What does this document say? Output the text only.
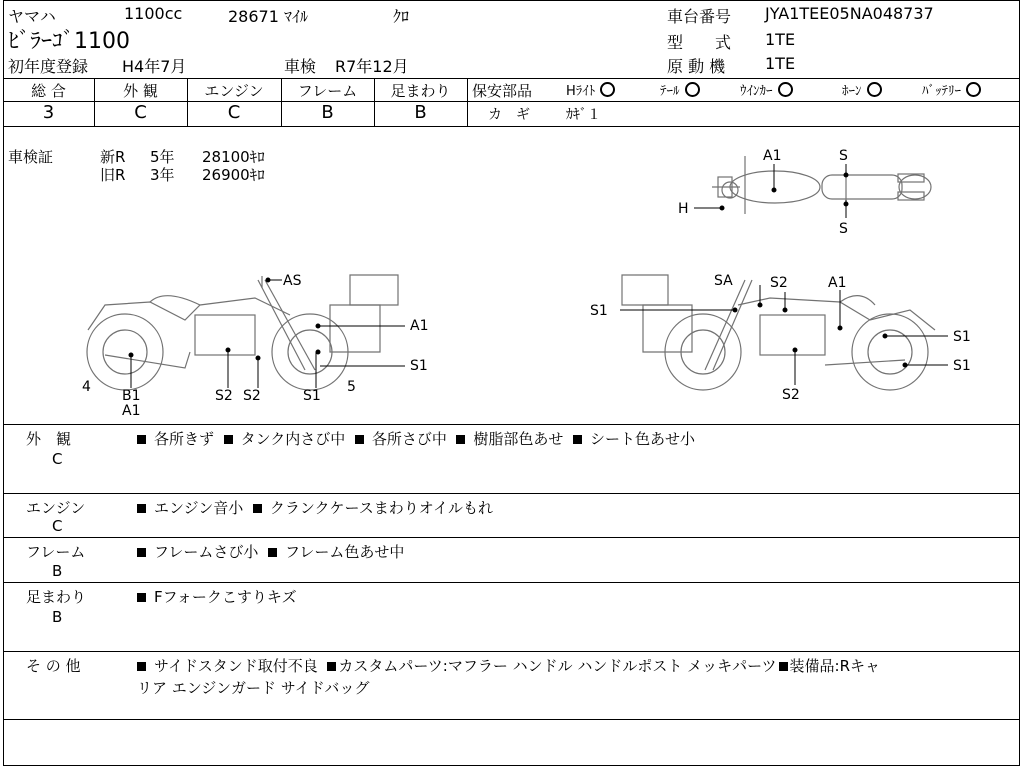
ヤマハ	1100cc	28671 ﾏｲﾙ	ｸﾛ
ﾋﾞﾗｰｺﾞ1100
初年度登録 H4年7月	車検 R7年12月
車台番号 JYA1TEE05NA048737
型　　式 1TE
原 動 機 1TE
総 合	外 観	エンジン	フレーム	足まわり
3	C	C	B	B
保安部品	Hﾗｲﾄ	ﾃｰﾙ	ｳｲﾝｶｰ	ﾎｰﾝ	ﾊﾞｯﾃﾘｰ
カ　ギ	ｶｷﾞ１
車検証	新R 5年 28100ｷﾛ
旧R 3年 26900ｷﾛ
A1	S
S
H
AS
A1
S1
4
B1
A1
S2 S2	S1
5
S1
SA	S2	A1
S1
S1
S2
外　観
C
各所きず タンク内さび中 各所さび中 樹脂部色あせ シート色あせ小
エンジン
C
エンジン音小 クランクケースまわりオイルもれ
フレーム
B
フレームさび小 フレーム色あせ中
足まわり
B
Fフォークこすりキズ
そ の 他	サイドスタンド取付不良 カスタムパーツ:マフラー ハンドル ハンドルポスト メッキパーツ 装備品:Rキャ
リア エンジンガード サイドバッグ
